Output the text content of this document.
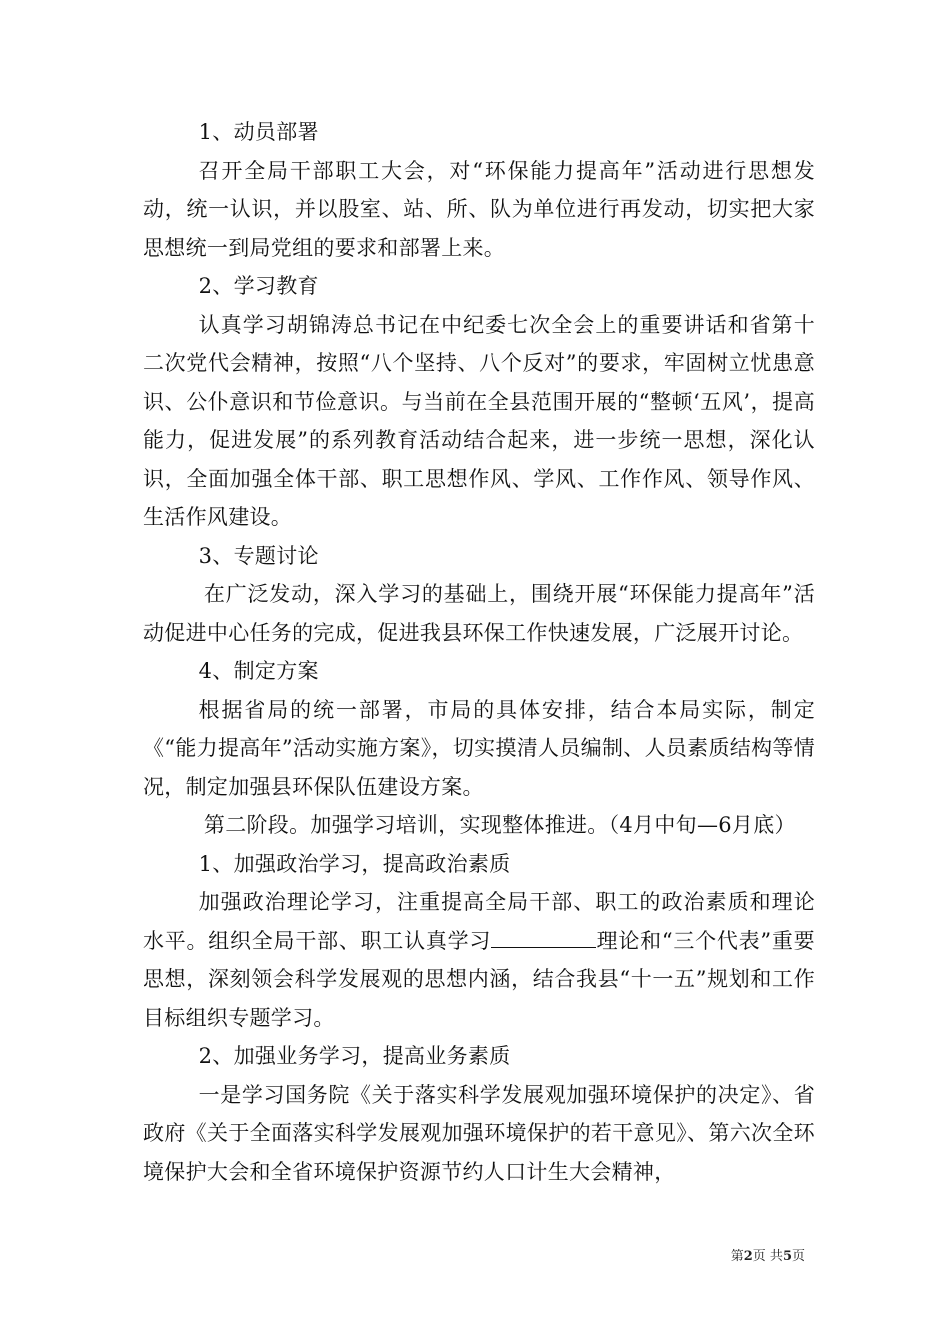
1、动员部署

召开全局干部职工大会，对“环保能力提高年”活动进行思想发动，统一认识，并以股室、站、所、队为单位进行再发动，切实把大家思想统一到局党组的要求和部署上来。

2、学习教育

认真学习胡锦涛总书记在中纪委七次全会上的重要讲话和省第十二次党代会精神，按照“八个坚持、八个反对”的要求，牢固树立忧患意识、公仆意识和节俭意识。与当前在全县范围开展的“整顿‘五风’，提高能力，促进发展”的系列教育活动结合起来，进一步统一思想，深化认识，全面加强全体干部、职工思想作风、学风、工作作风、领导作风、生活作风建设。

3、专题讨论

在广泛发动，深入学习的基础上，围绕开展“环保能力提高年”活动促进中心任务的完成，促进我县环保工作快速发展，广泛展开讨论。

4、制定方案

根据省局的统一部署，市局的具体安排，结合本局实际，制定《“能力提高年”活动实施方案》，切实摸清人员编制、人员素质结构等情况，制定加强县环保队伍建设方案。

第二阶段。加强学习培训，实现整体推进。（4月中旬—6月底）

1、加强政治学习，提高政治素质

加强政治理论学习，注重提高全局干部、职工的政治素质和理论水平。组织全局干部、职工认真学习	理论和“三个代表”重要思想，深刻领会科学发展观的思想内涵，结合我县“十一五”规划和工作目标组织专题学习。

2、加强业务学习，提高业务素质

一是学习国务院《关于落实科学发展观加强环境保护的决定》、省政府《关于全面落实科学发展观加强环境保护的若干意见》、第六次全环境保护大会和全省环境保护资源节约人口计生大会精神，

第2页 共5页
